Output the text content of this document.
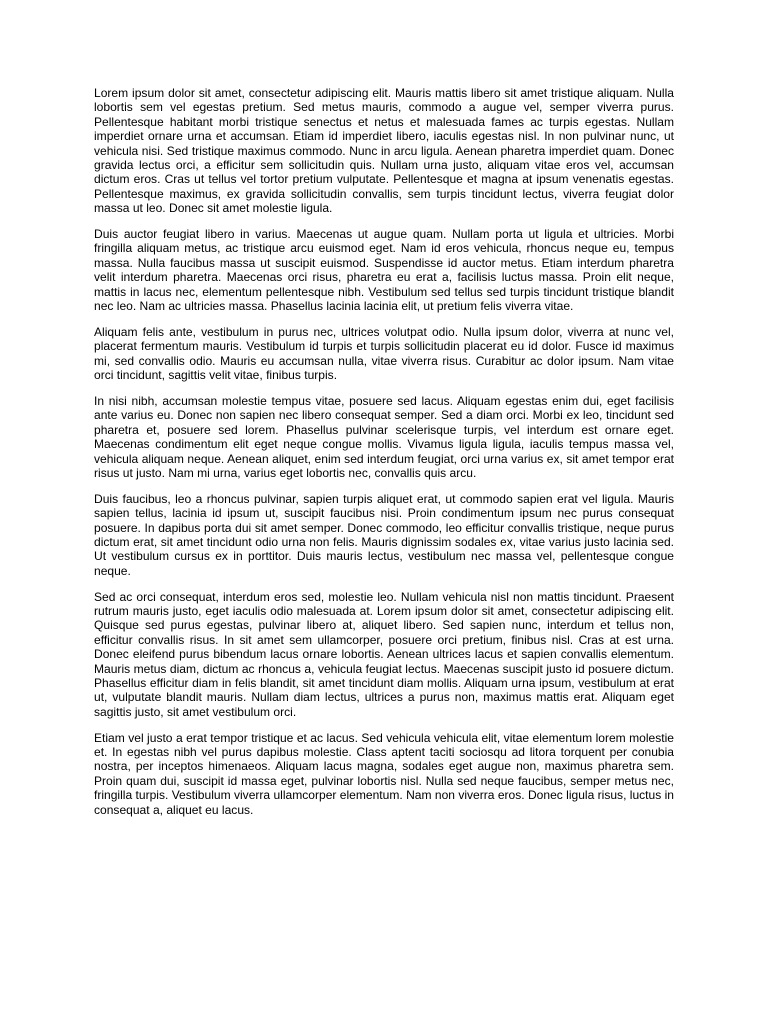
Lorem ipsum dolor sit amet, consectetur adipiscing elit. Mauris mattis libero sit amet tristique aliquam. Nulla lobortis sem vel egestas pretium. Sed metus mauris, commodo a augue vel, semper viverra purus. Pellentesque habitant morbi tristique senectus et netus et malesuada fames ac turpis egestas. Nullam imperdiet ornare urna et accumsan. Etiam id imperdiet libero, iaculis egestas nisl. In non pulvinar nunc, ut vehicula nisi. Sed tristique maximus commodo. Nunc in arcu ligula. Aenean pharetra imperdiet quam. Donec gravida lectus orci, a efficitur sem sollicitudin quis. Nullam urna justo, aliquam vitae eros vel, accumsan dictum eros. Cras ut tellus vel tortor pretium vulputate. Pellentesque et magna at ipsum venenatis egestas. Pellentesque maximus, ex gravida sollicitudin convallis, sem turpis tincidunt lectus, viverra feugiat dolor massa ut leo. Donec sit amet molestie ligula.

Duis auctor feugiat libero in varius. Maecenas ut augue quam. Nullam porta ut ligula et ultricies. Morbi fringilla aliquam metus, ac tristique arcu euismod eget. Nam id eros vehicula, rhoncus neque eu, tempus massa. Nulla faucibus massa ut suscipit euismod. Suspendisse id auctor metus. Etiam interdum pharetra velit interdum pharetra. Maecenas orci risus, pharetra eu erat a, facilisis luctus massa. Proin elit neque, mattis in lacus nec, elementum pellentesque nibh. Vestibulum sed tellus sed turpis tincidunt tristique blandit nec leo. Nam ac ultricies massa. Phasellus lacinia lacinia elit, ut pretium felis viverra vitae.

Aliquam felis ante, vestibulum in purus nec, ultrices volutpat odio. Nulla ipsum dolor, viverra at nunc vel, placerat fermentum mauris. Vestibulum id turpis et turpis sollicitudin placerat eu id dolor. Fusce id maximus mi, sed convallis odio. Mauris eu accumsan nulla, vitae viverra risus. Curabitur ac dolor ipsum. Nam vitae orci tincidunt, sagittis velit vitae, finibus turpis.

In nisi nibh, accumsan molestie tempus vitae, posuere sed lacus. Aliquam egestas enim dui, eget facilisis ante varius eu. Donec non sapien nec libero consequat semper. Sed a diam orci. Morbi ex leo, tincidunt sed pharetra et, posuere sed lorem. Phasellus pulvinar scelerisque turpis, vel interdum est ornare eget. Maecenas condimentum elit eget neque congue mollis. Vivamus ligula ligula, iaculis tempus massa vel, vehicula aliquam neque. Aenean aliquet, enim sed interdum feugiat, orci urna varius ex, sit amet tempor erat risus ut justo. Nam mi urna, varius eget lobortis nec, convallis quis arcu.

Duis faucibus, leo a rhoncus pulvinar, sapien turpis aliquet erat, ut commodo sapien erat vel ligula. Mauris sapien tellus, lacinia id ipsum ut, suscipit faucibus nisi. Proin condimentum ipsum nec purus consequat posuere. In dapibus porta dui sit amet semper. Donec commodo, leo efficitur convallis tristique, neque purus dictum erat, sit amet tincidunt odio urna non felis. Mauris dignissim sodales ex, vitae varius justo lacinia sed. Ut vestibulum cursus ex in porttitor. Duis mauris lectus, vestibulum nec massa vel, pellentesque congue neque.

Sed ac orci consequat, interdum eros sed, molestie leo. Nullam vehicula nisl non mattis tincidunt. Praesent rutrum mauris justo, eget iaculis odio malesuada at. Lorem ipsum dolor sit amet, consectetur adipiscing elit. Quisque sed purus egestas, pulvinar libero at, aliquet libero. Sed sapien nunc, interdum et tellus non, efficitur convallis risus. In sit amet sem ullamcorper, posuere orci pretium, finibus nisl. Cras at est urna. Donec eleifend purus bibendum lacus ornare lobortis. Aenean ultrices lacus et sapien convallis elementum. Mauris metus diam, dictum ac rhoncus a, vehicula feugiat lectus. Maecenas suscipit justo id posuere dictum. Phasellus efficitur diam in felis blandit, sit amet tincidunt diam mollis. Aliquam urna ipsum, vestibulum at erat ut, vulputate blandit mauris. Nullam diam lectus, ultrices a purus non, maximus mattis erat. Aliquam eget sagittis justo, sit amet vestibulum orci.

Etiam vel justo a erat tempor tristique et ac lacus. Sed vehicula vehicula elit, vitae elementum lorem molestie et. In egestas nibh vel purus dapibus molestie. Class aptent taciti sociosqu ad litora torquent per conubia nostra, per inceptos himenaeos. Aliquam lacus magna, sodales eget augue non, maximus pharetra sem. Proin quam dui, suscipit id massa eget, pulvinar lobortis nisl. Nulla sed neque faucibus, semper metus nec, fringilla turpis. Vestibulum viverra ullamcorper elementum. Nam non viverra eros. Donec ligula risus, luctus in consequat a, aliquet eu lacus.
